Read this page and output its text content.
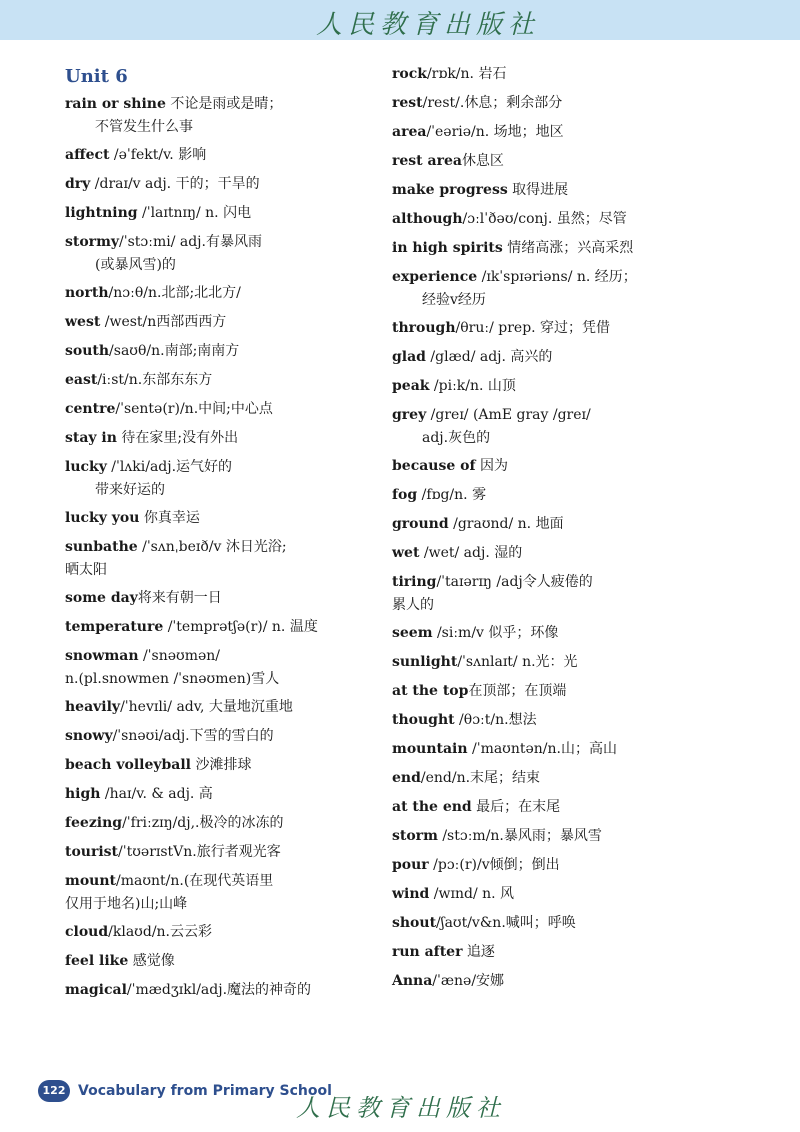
人民教育出版社
Unit 6
rain or shine 不论是雨或是晴；
不管发生什么事
affect /əˈfekt/v. 影响
dry /draɪ/v adj. 干的；干旱的
lightning /ˈlaɪtnɪŋ/ n. 闪电
stormy/ˈstɔːmi/ adj.有暴风雨
(或暴风雪)的
north/nɔːθ/n.北部;北北方/
west /west/n西部西西方
south/saʊθ/n.南部;南南方
east/iːst/n.东部东东方
centre/ˈsentə(r)/n.中间;中心点
stay in 待在家里;没有外出
lucky /ˈlʌki/adj.运气好的
带来好运的
lucky you 你真幸运
sunbathe /ˈsʌnˌbeɪð/v 沐日光浴;
晒太阳
some day将来有朝一日
temperature /ˈtemprətʃə(r)/ n. 温度
snowman /ˈsnəʊmən/
n.(pl.snowmen /ˈsnəʊmen)雪人
heavily/ˈhevɪli/ adv, 大量地沉重地
snowy/ˈsnəʊi/adj.下雪的雪白的
beach volleyball 沙滩排球
high /haɪ/v. & adj. 高
feezing/ˈfriːzɪŋ/dj,.极冷的冰冻的
tourist/ˈtʊərɪstVn.旅行者观光客
mount/maʊnt/n.(在现代英语里
仅用于地名)山;山峰
cloud/klaʊd/n.云云彩
feel like 感觉像
magical/ˈmædʒɪkl/adj.魔法的神奇的
rock/rɒk/n. 岩石
rest/rest/.休息；剩余部分
area/ˈeəriə/n. 场地；地区
rest area休息区
make progress 取得进展
although/ɔːlˈðəʊ/conj. 虽然；尽管
in high spirits 情绪高涨；兴高采烈
experience /ɪkˈspɪəriəns/ n. 经历；
经验v经历
through/θruː/ prep. 穿过；凭借
glad /glæd/ adj. 高兴的
peak /piːk/n. 山顶
grey /greɪ/ (AmE gray /greɪ/
adj.灰色的
because of 因为
fog /fɒg/n. 雾
ground /graʊnd/ n. 地面
wet /wet/ adj. 湿的
tiring/ˈtaɪərɪŋ /adj令人疲倦的
累人的
seem /siːm/v 似乎；环像
sunlight/ˈsʌnlaɪt/ n.光：光
at the top在顶部；在顶端
thought /θɔːt/n.想法
mountain /ˈmaʊntən/n.山；高山
end/end/n.末尾；结束
at the end 最后；在末尾
storm /stɔːm/n.暴风雨；暴风雪
pour /pɔː(r)/v倾倒；倒出
wind /wɪnd/ n. 风
shout/ʃaʊt/v&n.喊叫；呼唤
run after 追逐
Anna/ˈænə/安娜
122 Vocabulary from Primary School
人民教育出版社
